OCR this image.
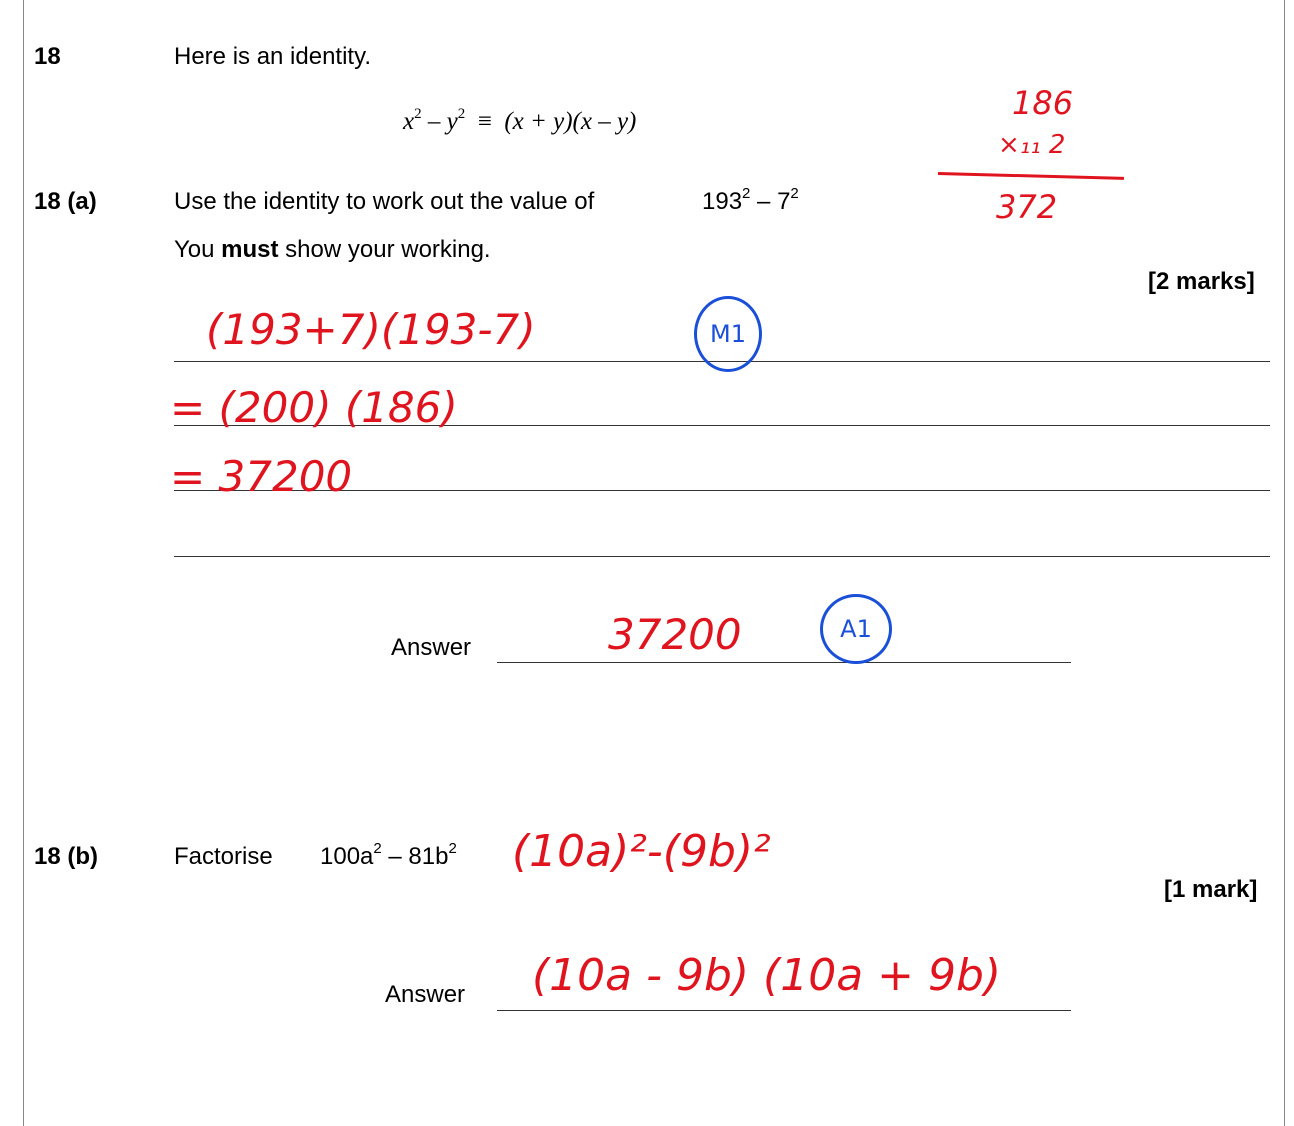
18	Here is an identity.
$x^2 - y^2 \equiv (x + y)(x - y)$
18 (a)	Use the identity to work out the value of	$193^2 - 7^2$
You must show your working.
[2 marks]
Answer
18 (b)	Factorise $100a^2 - 81b^2$
[1 mark]
Answer
186
×₁₁ 2
372
(193+7)(193-7)	M1
= (200) (186)
= 37200
37200	A1
(10a)²-(9b)²
(10a - 9b) (10a + 9b)
